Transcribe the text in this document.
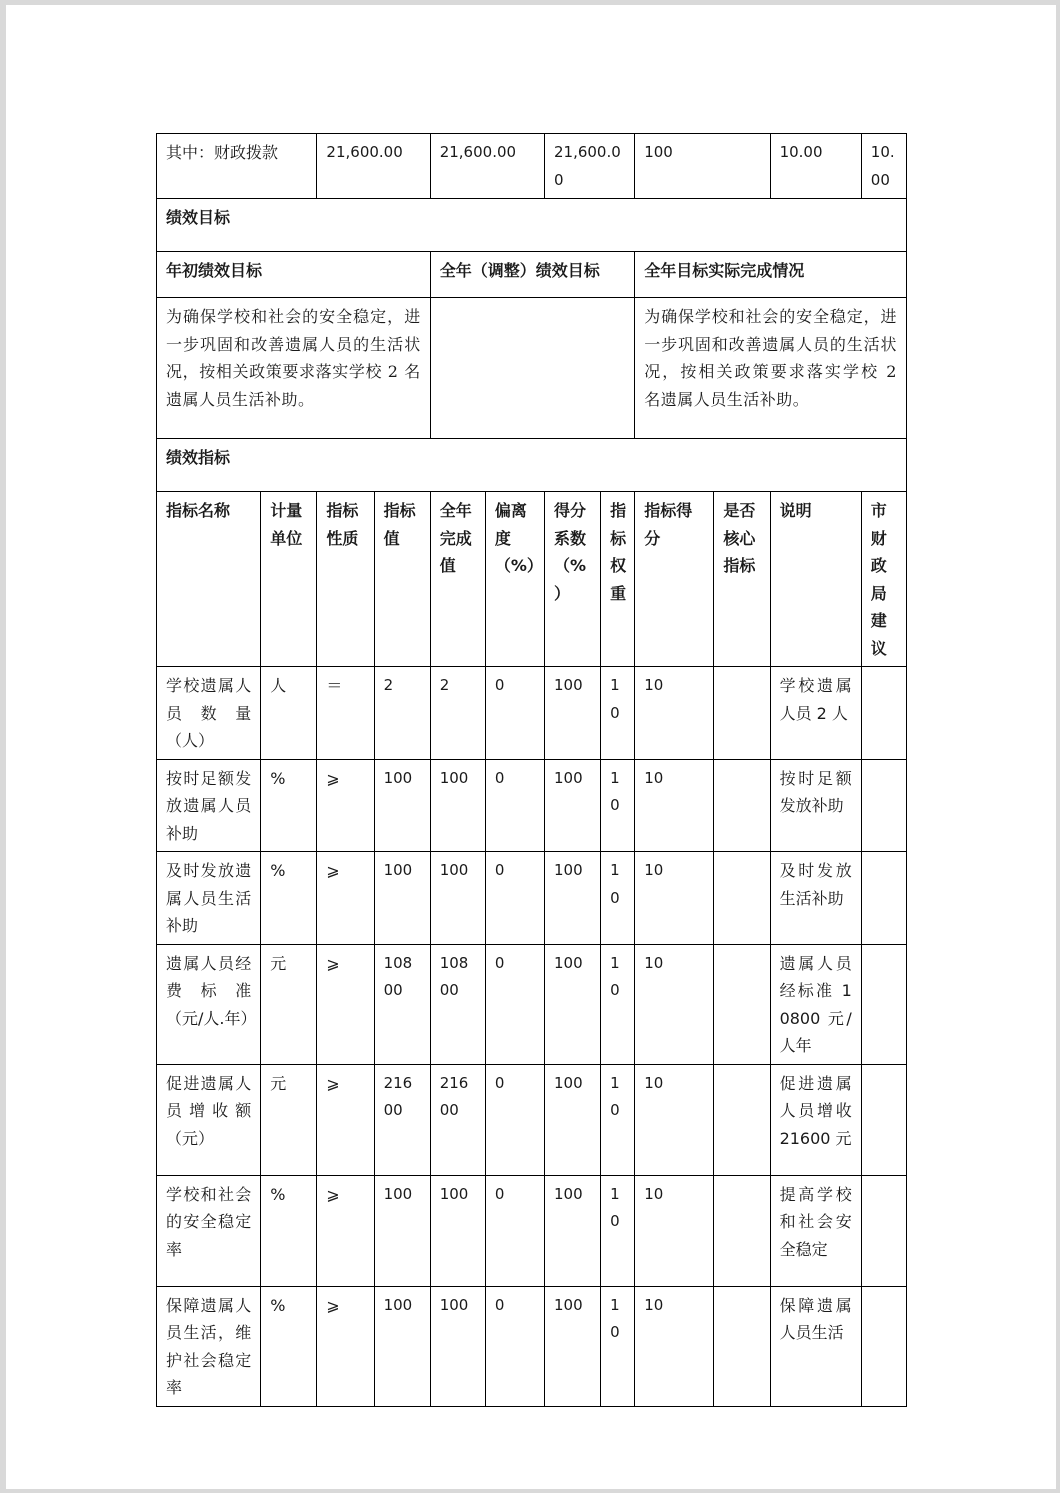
其中：财政拨款		21,600.00		21,600.00		21,600.00		100		10.00	10.00
绩效目标											
年初绩效目标				全年（调整）绩效目标				全年目标实际完成情况			
为确保学校和社会的安全稳定，进一步巩固和改善遗属人员的生活状况，按相关政策要求落实学校 2 名遗属人员生活补助。								为确保学校和社会的安全稳定，进一步巩固和改善遗属人员的生活状况，按相关政策要求落实学校 2 名遗属人员生活补助。			
绩效指标											
指标名称	计量单位	指标性质	指标值	全年完成值	偏离度（%）	得分系数（%）	指标权重	指标得分	是否核心指标	说明	市财政局建议
学校遗属人员数量（人）	人	＝	2	2	0	100	10	10		学校遗属人员 2 人	
按时足额发放遗属人员补助	%	⩾	100	100	0	100	10	10		按时足额发放补助	
及时发放遗属人员生活补助	%	⩾	100	100	0	100	10	10		及时发放生活补助	
遗属人员经费标准（元/人.年）	元	⩾	10800	10800	0	100	10	10		遗属人员经标准 10800 元/人年	
促进遗属人员增收额（元）	元	⩾	21600	21600	0	100	10	10		促进遗属人员增收 21600 元	
学校和社会的安全稳定率	%	⩾	100	100	0	100	10	10		提高学校和社会安全稳定	
保障遗属人员生活，维护社会稳定率	%	⩾	100	100	0	100	10	10		保障遗属人员生活	
